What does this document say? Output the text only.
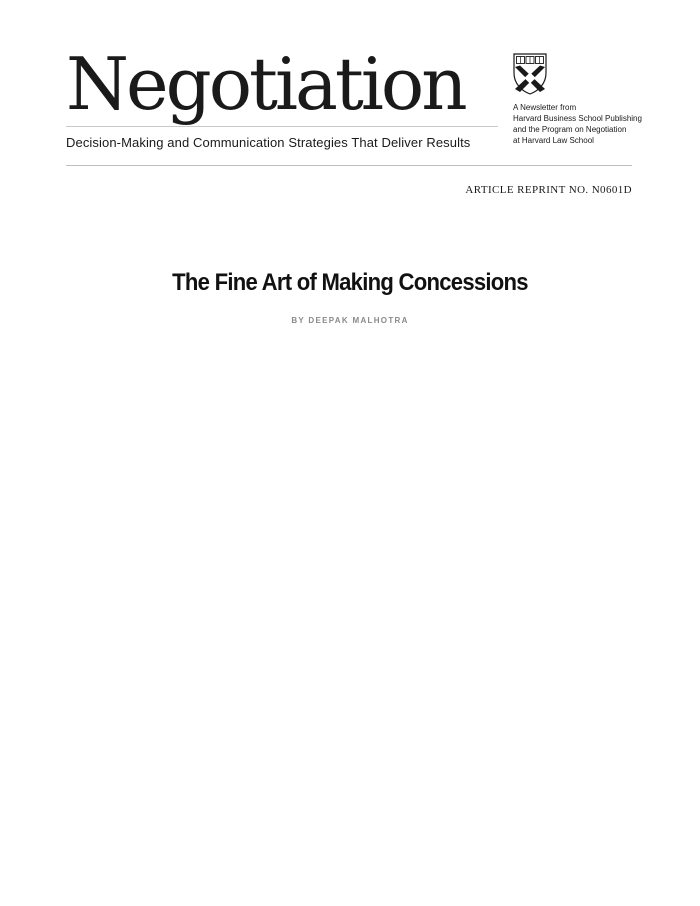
Negotiation
Decision-Making and Communication Strategies That Deliver Results
A Newsletter from
Harvard Business School Publishing
and the Program on Negotiation
at Harvard Law School
ARTICLE REPRINT NO. N0601D
The Fine Art of Making Concessions
BY DEEPAK MALHOTRA
